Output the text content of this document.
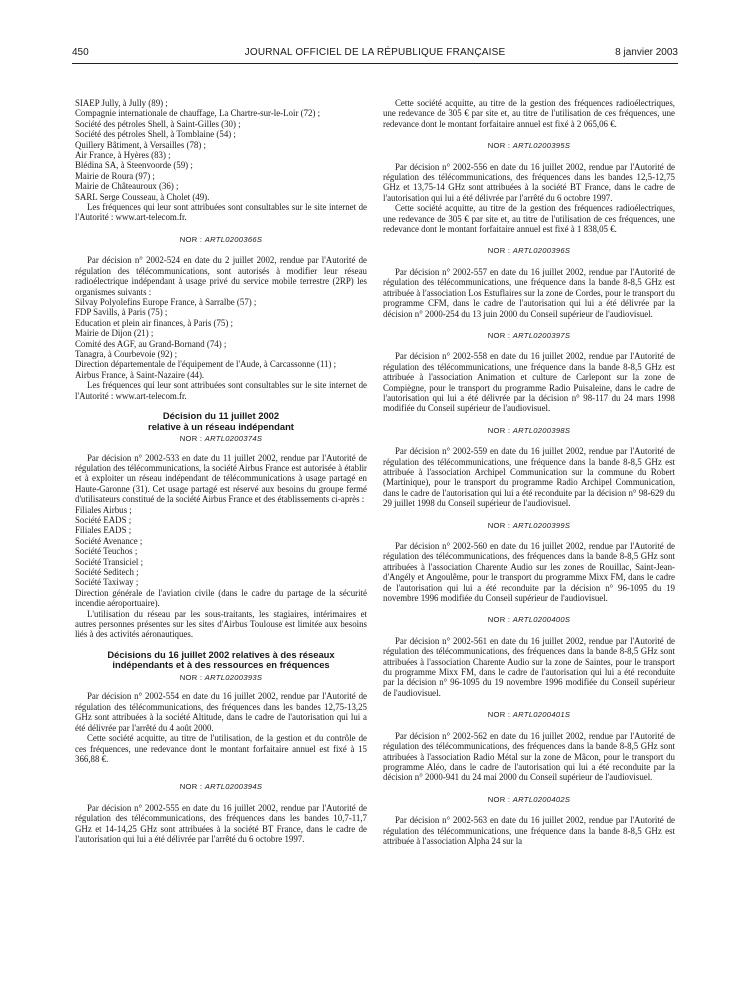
450	JOURNAL OFFICIEL DE LA RÉPUBLIQUE FRANÇAISE	8 janvier 2003

SIAEP Jully, à Jully (89) ;

Compagnie internationale de chauffage, La Chartre-sur-le-Loir (72) ;

Société des pétroles Shell, à Saint-Gilles (30) ;

Société des pétroles Shell, à Tomblaine (54) ;

Quillery Bâtiment, à Versailles (78) ;

Air France, à Hyères (83) ;

Blédina SA, à Steenvoorde (59) ;

Mairie de Roura (97) ;

Mairie de Châteauroux (36) ;

SARL Serge Cousseau, à Cholet (49).

Les fréquences qui leur sont attribuées sont consultables sur le site internet de l'Autorité : www.art-telecom.fr.

NOR : ARTL0200366S

Par décision n° 2002-524 en date du 2 juillet 2002, rendue par l'Autorité de régulation des télécommunications, sont autorisés à modifier leur réseau radioélectrique indépendant à usage privé du service mobile terrestre (2RP) les organismes suivants :

Silvay Polyolefins Europe France, à Sarralbe (57) ;

FDP Savills, à Paris (75) ;

Education et plein air finances, à Paris (75) ;

Mairie de Dijon (21) ;

Comité des AGF, au Grand-Bornand (74) ;

Tanagra, à Courbevoie (92) ;

Direction départementale de l'équipement de l'Aude, à Carcassonne (11) ;

Airbus France, à Saint-Nazaire (44).

Les fréquences qui leur sont attribuées sont consultables sur le site internet de l'Autorité : www.art-telecom.fr.

Décision du 11 juillet 2002
relative à un réseau indépendant

NOR : ARTL0200374S

Par décision n° 2002-533 en date du 11 juillet 2002, rendue par l'Autorité de régulation des télécommunications, la société Airbus France est autorisée à établir et à exploiter un réseau indépendant de télécommunications à usage partagé en Haute-Garonne (31). Cet usage partagé est réservé aux besoins du groupe fermé d'utilisateurs constitué de la société Airbus France et des établissements ci-après :

Filiales Airbus ;

Société EADS ;

Filiales EADS ;

Société Avenance ;

Société Teuchos ;

Société Transiciel ;

Société Seditech ;

Société Taxiway ;

Direction générale de l'aviation civile (dans le cadre du partage de la sécurité incendie aéroportuaire).

L'utilisation du réseau par les sous-traitants, les stagiaires, intérimaires et autres personnes présentes sur les sites d'Airbus Toulouse est limitée aux besoins liés à des activités aéronautiques.

Décisions du 16 juillet 2002 relatives à des réseaux
indépendants et à des ressources en fréquences

NOR : ARTL0200393S

Par décision n° 2002-554 en date du 16 juillet 2002, rendue par l'Autorité de régulation des télécommunications, des fréquences dans les bandes 12,75-13,25 GHz sont attribuées à la société Altitude, dans le cadre de l'autorisation qui lui a été délivrée par l'arrêté du 4 août 2000.

Cette société acquitte, au titre de l'utilisation, de la gestion et du contrôle de ces fréquences, une redevance dont le montant forfaitaire annuel est fixé à 15 366,88 €.

NOR : ARTL0200394S

Par décision n° 2002-555 en date du 16 juillet 2002, rendue par l'Autorité de régulation des télécommunications, des fréquences dans les bandes 10,7-11,7 GHz et 14-14,25 GHz sont attribuées à la société BT France, dans le cadre de l'autorisation qui lui a été délivrée par l'arrêté du 6 octobre 1997.

Cette société acquitte, au titre de la gestion des fréquences radioélectriques, une redevance de 305 € par site et, au titre de l'utilisation de ces fréquences, une redevance dont le montant forfaitaire annuel est fixé à 2 065,06 €.

NOR : ARTL0200395S

Par décision n° 2002-556 en date du 16 juillet 2002, rendue par l'Autorité de régulation des télécommunications, des fréquences dans les bandes 12,5-12,75 GHz et 13,75-14 GHz sont attribuées à la société BT France, dans le cadre de l'autorisation qui lui a été délivrée par l'arrêté du 6 octobre 1997.

Cette société acquitte, au titre de la gestion des fréquences radioélectriques, une redevance de 305 € par site et, au titre de l'utilisation de ces fréquences, une redevance dont le montant forfaitaire annuel est fixé à 1 838,05 €.

NOR : ARTL0200396S

Par décision n° 2002-557 en date du 16 juillet 2002, rendue par l'Autorité de régulation des télécommunications, une fréquence dans la bande 8-8,5 GHz est attribuée à l'association Los Estuflaires sur la zone de Cordes, pour le transport du programme CFM, dans le cadre de l'autorisation qui lui a été délivrée par la décision n° 2000-254 du 13 juin 2000 du Conseil supérieur de l'audiovisuel.

NOR : ARTL0200397S

Par décision n° 2002-558 en date du 16 juillet 2002, rendue par l'Autorité de régulation des télécommunications, une fréquence dans la bande 8-8,5 GHz est attribuée à l'association Animation et culture de Carlepont sur la zone de Compiègne, pour le transport du programme Radio Puisaleine, dans le cadre de l'autorisation qui lui a été délivrée par la décision n° 98-117 du 24 mars 1998 modifiée du Conseil supérieur de l'audiovisuel.

NOR : ARTL0200398S

Par décision n° 2002-559 en date du 16 juillet 2002, rendue par l'Autorité de régulation des télécommunications, une fréquence dans la bande 8-8,5 GHz est attribuée à l'association Archipel Communication sur la commune du Robert (Martinique), pour le transport du programme Radio Archipel Communication, dans le cadre de l'autorisation qui lui a été reconduite par la décision n° 98-629 du 29 juillet 1998 du Conseil supérieur de l'audiovisuel.

NOR : ARTL0200399S

Par décision n° 2002-560 en date du 16 juillet 2002, rendue par l'Autorité de régulation des télécommunications, des fréquences dans la bande 8-8,5 GHz sont attribuées à l'association Charente Audio sur les zones de Rouillac, Saint-Jean-d'Angély et Angoulême, pour le transport du programme Mixx FM, dans le cadre de l'autorisation qui lui a été reconduite par la décision n° 96-1095 du 19 novembre 1996 modifiée du Conseil supérieur de l'audiovisuel.

NOR : ARTL0200400S

Par décision n° 2002-561 en date du 16 juillet 2002, rendue par l'Autorité de régulation des télécommunications, des fréquences dans la bande 8-8,5 GHz sont attribuées à l'association Charente Audio sur la zone de Saintes, pour le transport du programme Mixx FM, dans le cadre de l'autorisation qui lui a été reconduite par la décision n° 96-1095 du 19 novembre 1996 modifiée du Conseil supérieur de l'audiovisuel.

NOR : ARTL0200401S

Par décision n° 2002-562 en date du 16 juillet 2002, rendue par l'Autorité de régulation des télécommunications, des fréquences dans la bande 8-8,5 GHz sont attribuées à l'association Radio Métal sur la zone de Mâcon, pour le transport du programme Aléo, dans le cadre de l'autorisation qui lui a été reconduite par la décision n° 2000-941 du 24 mai 2000 du Conseil supérieur de l'audiovisuel.

NOR : ARTL0200402S

Par décision n° 2002-563 en date du 16 juillet 2002, rendue par l'Autorité de régulation des télécommunications, une fréquence dans la bande 8-8,5 GHz est attribuée à l'association Alpha 24 sur la
